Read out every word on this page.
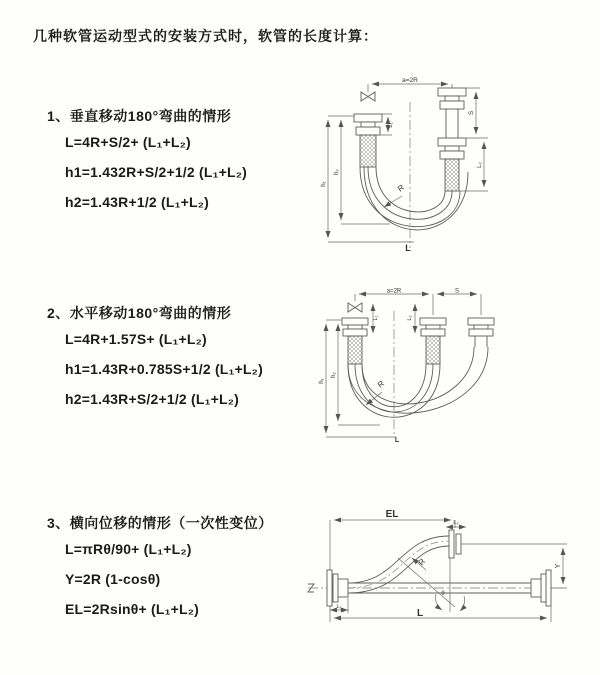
几种软管运动型式的安装方式时，软管的长度计算：
1、垂直移动180°弯曲的情形
L=4R+S/2+ (L₁+L₂)
h1=1.432R+S/2+1/2 (L₁+L₂)
h2=1.43R+1/2 (L₁+L₂)
2、水平移动180°弯曲的情形
L=4R+1.57S+ (L₁+L₂)
h1=1.43R+0.785S+1/2 (L₁+L₂)
h2=1.43R+S/2+1/2 (L₁+L₂)
3、横向位移的情形（一次性变位）
L=πRθ/90+ (L₁+L₂)
Y=2R (1-cosθ)
EL=2Rsinθ+ (L₁+L₂)
a=2R
L₁
R
h₁
h₂
S
L₂
L
a=2R	S
L₁	L₂
R
h₁
h₂
L
EL
L₂
Y
θ
R
L₁
L
